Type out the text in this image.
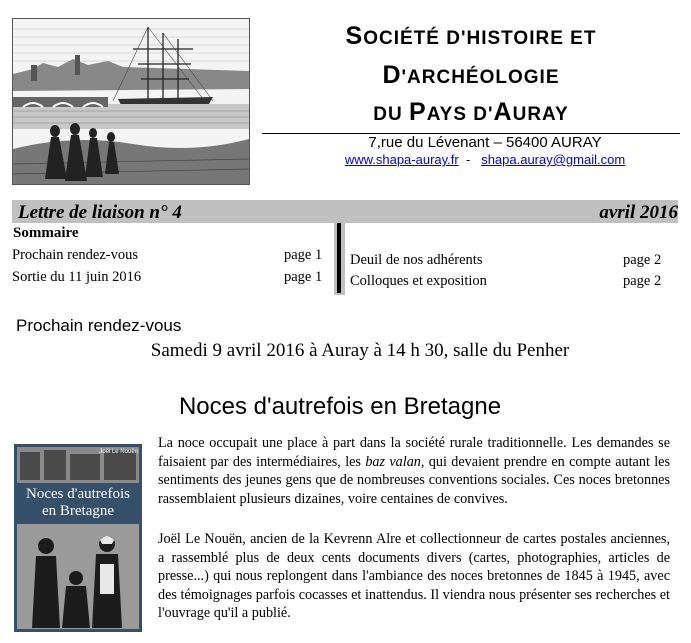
SOCIÉTÉ D'HISTOIRE ET
D'ARCHÉOLOGIE
DU PAYS D'AURAY
7,rue du Lévenant – 56400 AURAY
www.shapa-auray.fr - shapa.auray@gmail.com
Lettre de liaison n° 4	avril 2016
Sommaire
Prochain rendez-vous	page 1
Sortie du 11 juin 2016	page 1
Deuil de nos adhérents	page 2
Colloques et exposition	page 2
Prochain rendez-vous
Samedi 9 avril 2016 à Auray à 14 h 30, salle du Penher
Noces d'autrefois en Bretagne
Joël Le Nouën
Noces d'autrefois
en Bretagne
La noce occupait une place à part dans la société rurale traditionnelle. Les demandes se faisaient par des intermédiaires, les baz valan, qui devaient prendre en compte autant les sentiments des jeunes gens que de nombreuses conventions sociales. Ces noces bretonnes rassemblaient plusieurs dizaines, voire centaines de convives.
Joël Le Nouën, ancien de la Kevrenn Alre et collectionneur de cartes postales anciennes, a rassemblé plus de deux cents documents divers (cartes, photographies, articles de presse...) qui nous replongent dans l'ambiance des noces bretonnes de 1845 à 1945, avec des témoignages parfois cocasses et inattendus. Il viendra nous présenter ses recherches et l'ouvrage qu'il a publié.
